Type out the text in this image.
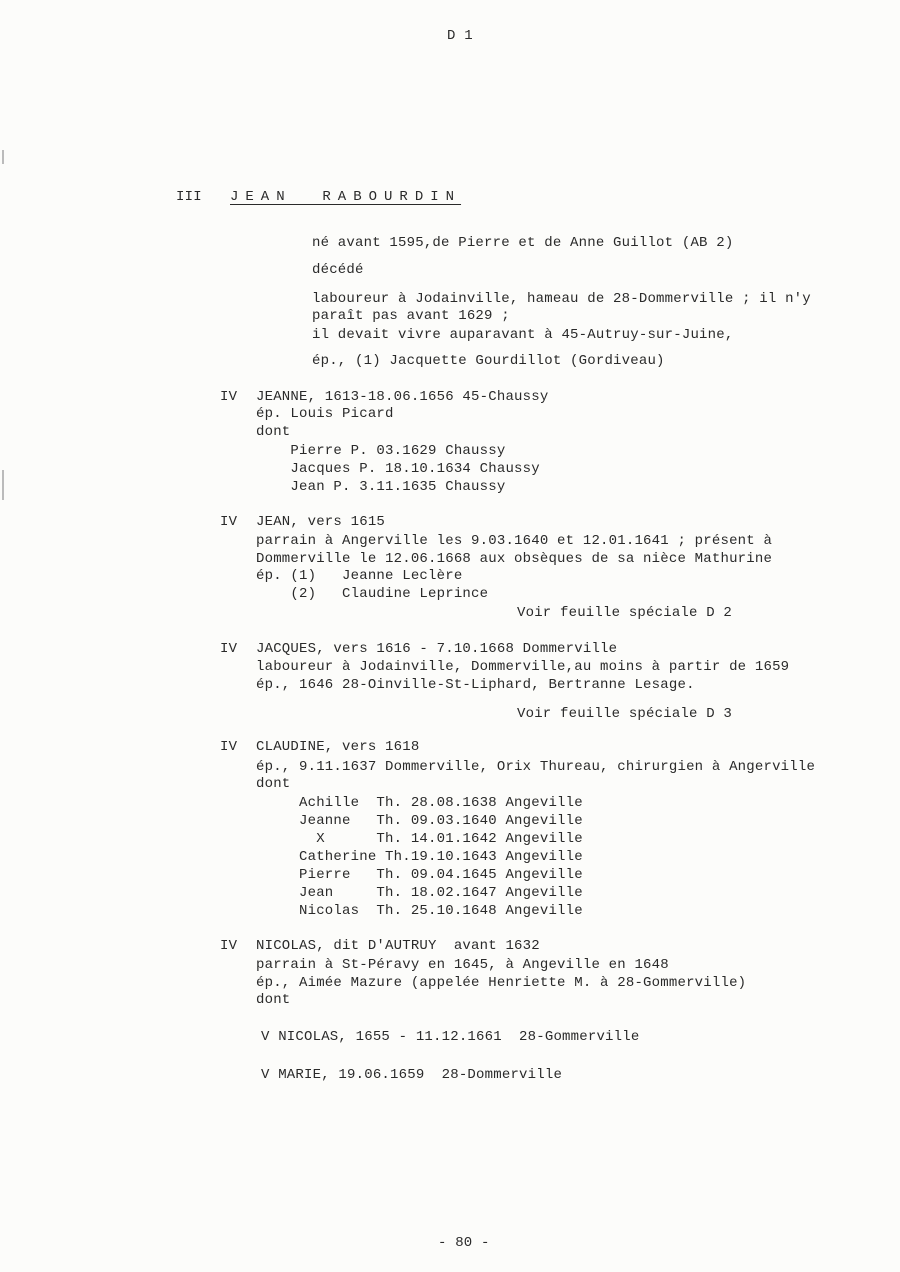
D 1
III JEAN  RABOURDIN
né avant 1595,de Pierre et de Anne Guillot (AB 2)
décédé
laboureur à Jodainville, hameau de 28-Dommerville ; il n'y
paraît pas avant 1629 ;
il devait vivre auparavant à 45-Autruy-sur-Juine,
ép., (1) Jacquette Gourdillot (Gordiveau)
IV JEANNE, 1613-18.06.1656 45-Chaussy
ép. Louis Picard
dont
Pierre P. 03.1629 Chaussy
Jacques P. 18.10.1634 Chaussy
Jean P. 3.11.1635 Chaussy
IV JEAN, vers 1615
parrain à Angerville les 9.03.1640 et 12.01.1641 ; présent à
Dommerville le 12.06.1668 aux obsèques de sa nièce Mathurine
ép. (1)   Jeanne Leclère
(2)   Claudine Leprince
Voir feuille spéciale D 2
IV JACQUES, vers 1616 - 7.10.1668 Dommerville
laboureur à Jodainville, Dommerville,au moins à partir de 1659
ép., 1646 28-Oinville-St-Liphard, Bertranne Lesage.
Voir feuille spéciale D 3
IV CLAUDINE, vers 1618
ép., 9.11.1637 Dommerville, Orix Thureau, chirurgien à Angerville
dont
Achille  Th. 28.08.1638 Angeville
Jeanne   Th. 09.03.1640 Angeville
X      Th. 14.01.1642 Angeville
Catherine Th.19.10.1643 Angeville
Pierre   Th. 09.04.1645 Angeville
Jean     Th. 18.02.1647 Angeville
Nicolas  Th. 25.10.1648 Angeville
IV NICOLAS, dit D'AUTRUY  avant 1632
parrain à St-Péravy en 1645, à Angeville en 1648
ép., Aimée Mazure (appelée Henriette M. à 28-Gommerville)
dont
V NICOLAS, 1655 - 11.12.1661  28-Gommerville
V MARIE, 19.06.1659  28-Dommerville
- 80 -
